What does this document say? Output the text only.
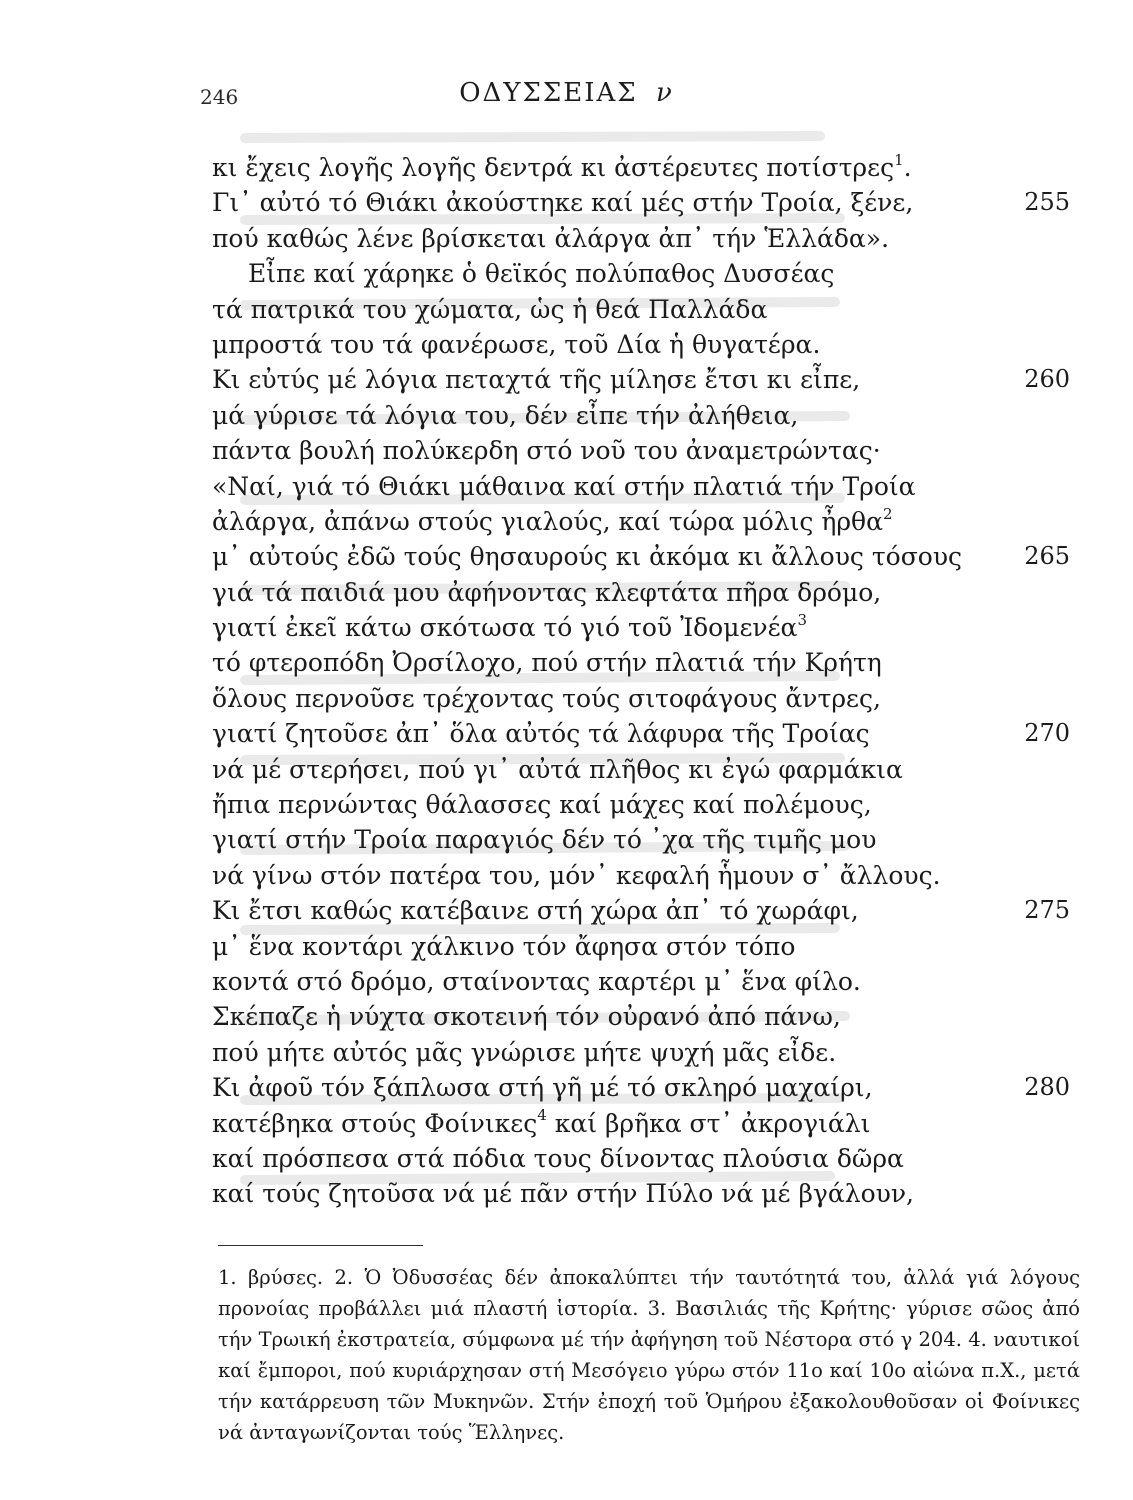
246	ΟΔΥΣΣΕΙΑΣ ν
κι ἔχεις λογῆς λογῆς δεντρά κι ἀστέρευτες ποτίστρες$^1$.
Γι᾽ αὐτό τό Θιάκι ἀκούστηκε καί μές στήν Τροία, ξένε,	255
πού καθώς λένε βρίσκεται ἀλάργα ἀπ᾽ τήν Ἑλλάδα».
Εἶπε καί χάρηκε ὁ θεϊκός πολύπαθος Δυσσέας
τά πατρικά του χώματα, ὡς ἡ θεά Παλλάδα
μπροστά του τά φανέρωσε, τοῦ Δία ἡ θυγατέρα.
Κι εὐτύς μέ λόγια πεταχτά τῆς μίλησε ἔτσι κι εἶπε,	260
μά γύρισε τά λόγια του, δέν εἶπε τήν ἀλήθεια,
πάντα βουλή πολύκερδη στό νοῦ του ἀναμετρώντας·
«Ναί, γιά τό Θιάκι μάθαινα καί στήν πλατιά τήν Τροία
ἀλάργα, ἀπάνω στούς γιαλούς, καί τώρα μόλις ἦρθα$^2$
μ᾽ αὐτούς ἐδῶ τούς θησαυρούς κι ἀκόμα κι ἄλλους τόσους	265
γιά τά παιδιά μου ἀφήνοντας κλεφτάτα πῆρα δρόμο,
γιατί ἐκεῖ κάτω σκότωσα τό γιό τοῦ Ἰδομενέα$^3$
τό φτεροπόδη Ὀρσίλοχο, πού στήν πλατιά τήν Κρήτη
ὅλους περνοῦσε τρέχοντας τούς σιτοφάγους ἄντρες,
γιατί ζητοῦσε ἀπ᾽ ὅλα αὐτός τά λάφυρα τῆς Τροίας	270
νά μέ στερήσει, πού γι᾽ αὐτά πλῆθος κι ἐγώ φαρμάκια
ἤπια περνώντας θάλασσες καί μάχες καί πολέμους,
γιατί στήν Τροία παραγιός δέν τό ᾽χα τῆς τιμῆς μου
νά γίνω στόν πατέρα του, μόν᾽ κεφαλή ἧμουν σ᾽ ἄλλους.
Κι ἔτσι καθώς κατέβαινε στή χώρα ἀπ᾽ τό χωράφι,	275
μ᾽ ἕνα κοντάρι χάλκινο τόν ἄφησα στόν τόπο
κοντά στό δρόμο, σταίνοντας καρτέρι μ᾽ ἕνα φίλο.
Σκέπαζε ἡ νύχτα σκοτεινή τόν οὐρανό ἀπό πάνω,
πού μήτε αὐτός μᾶς γνώρισε μήτε ψυχή μᾶς εἶδε.
Κι ἀφοῦ τόν ξάπλωσα στή γῆ μέ τό σκληρό μαχαίρι,	280
κατέβηκα στούς Φοίνικες$^4$ καί βρῆκα στ᾽ ἀκρογιάλι
καί πρόσπεσα στά πόδια τους δίνοντας πλούσια δῶρα
καί τούς ζητοῦσα νά μέ πᾶν στήν Πύλο νά μέ βγάλουν,

1. βρύσες. 2. Ὁ Ὀδυσσέας δέν ἀποκαλύπτει τήν ταυτότητά του, ἀλλά γιά λόγους προνοίας προβάλλει μιά πλαστή ἱστορία. 3. Βασιλιάς τῆς Κρήτης· γύρισε σῶος ἀπό τήν Τρωική ἐκστρατεία, σύμφωνα μέ τήν ἀφήγηση τοῦ Νέστορα στό γ 204. 4. ναυτικοί καί ἔμποροι, πού κυριάρχησαν στή Μεσόγειο γύρω στόν 11ο καί 10ο αἰώνα π.Χ., μετά τήν κατάρρευση τῶν Μυκηνῶν. Στήν ἐποχή τοῦ Ὁμήρου ἐξακολουθοῦσαν οἱ Φοίνικες νά ἀνταγωνίζονται τούς Ἕλληνες.
